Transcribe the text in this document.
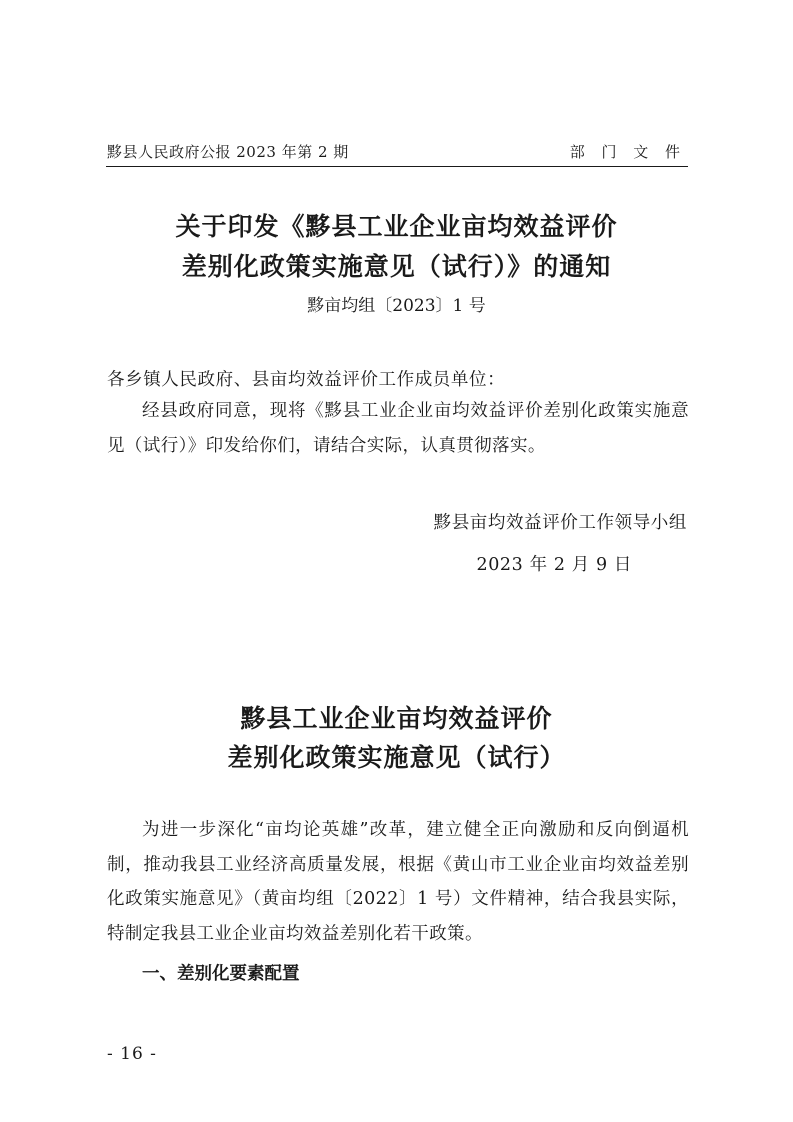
黟县人民政府公报 2023 年第 2 期	部 门 文 件
关于印发《黟县工业企业亩均效益评价
差别化政策实施意见（试行）》的通知
黟亩均组〔2023〕1 号
各乡镇人民政府、县亩均效益评价工作成员单位：
经县政府同意，现将《黟县工业企业亩均效益评价差别化政策实施意见（试行）》印发给你们，请结合实际，认真贯彻落实。
黟县亩均效益评价工作领导小组
2023 年 2 月 9 日
黟县工业企业亩均效益评价
差别化政策实施意见（试行）
为进一步深化“亩均论英雄”改革，建立健全正向激励和反向倒逼机制，推动我县工业经济高质量发展，根据《黄山市工业企业亩均效益差别化政策实施意见》（黄亩均组〔2022〕1 号）文件精神，结合我县实际，特制定我县工业企业亩均效益差别化若干政策。
一、差别化要素配置
- 16 -
